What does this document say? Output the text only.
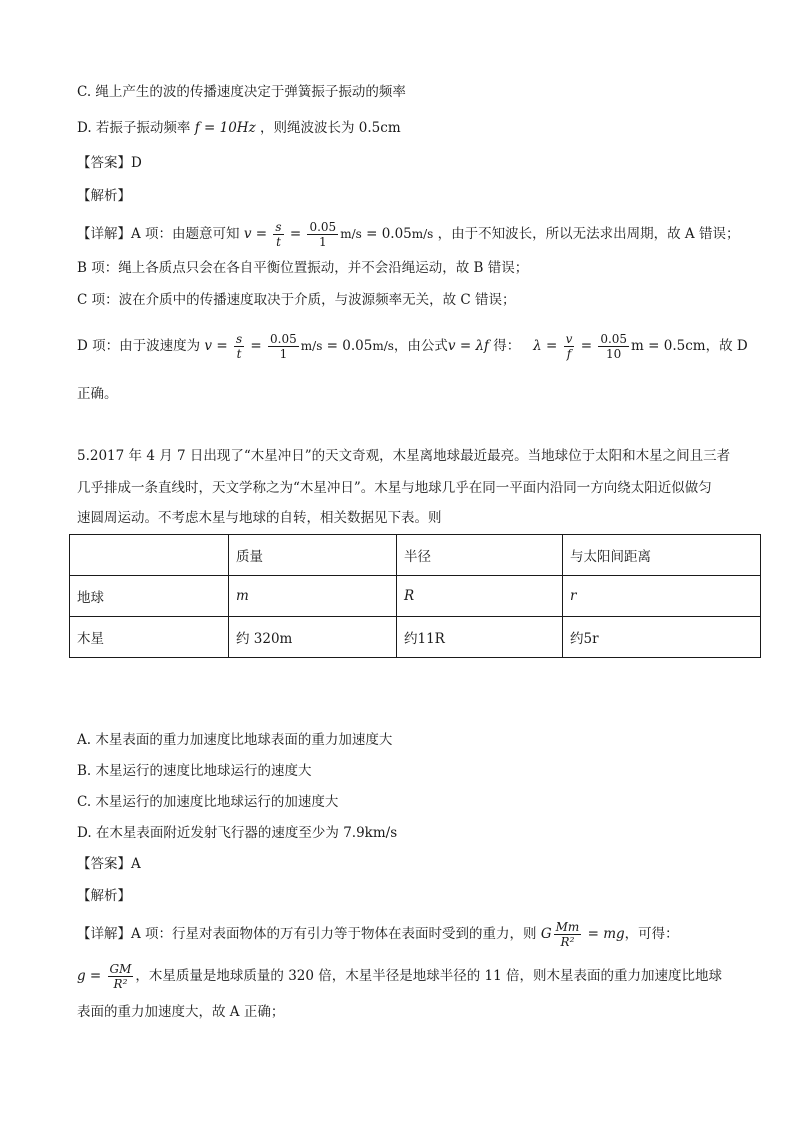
C. 绳上产生的波的传播速度决定于弹簧振子振动的频率
D. 若振子振动频率 f = 10Hz ，则绳波波长为 0.5cm
【答案】D
【解析】
【详解】A 项：由题意可知 $v = \frac{s}{t} = \frac{0.05}{1} m/s = 0.05m/s$ ，由于不知波长，所以无法求出周期，故 A 错误；
B 项：绳上各质点只会在各自平衡位置振动，并不会沿绳运动，故 B 错误；
C 项：波在介质中的传播速度取决于介质，与波源频率无关，故 C 错误；
D 项：由于波速度为 $v = \frac{s}{t} = \frac{0.05}{1} m/s = 0.05m/s$，由公式v = λf 得： $\lambda = \frac{v}{f} = \frac{0.05}{10}$ m = 0.5cm，故 D
正确。
5.2017 年 4 月 7 日出现了“木星冲日”的天文奇观，木星离地球最近最亮。当地球位于太阳和木星之间且三者
几乎排成一条直线时，天文学称之为“木星冲日”。木星与地球几乎在同一平面内沿同一方向绕太阳近似做匀
速圆周运动。不考虑木星与地球的自转，相关数据见下表。则
	质量	半径	与太阳间距离
地球	m	R	r
木星	约 320m	约11R	约5r
A. 木星表面的重力加速度比地球表面的重力加速度大
B. 木星运行的速度比地球运行的速度大
C. 木星运行的加速度比地球运行的加速度大
D. 在木星表面附近发射飞行器的速度至少为 7.9km/s
【答案】A
【解析】
【详解】A 项：行星对表面物体的万有引力等于物体在表面时受到的重力，则 G $\frac{Mm}{\text{R²}}$ = mg，可得：
$g = \frac{GM}{\text{R²}}$ ，木星质量是地球质量的 320 倍，木星半径是地球半径的 11 倍，则木星表面的重力加速度比地球
表面的重力加速度大，故 A 正确；
